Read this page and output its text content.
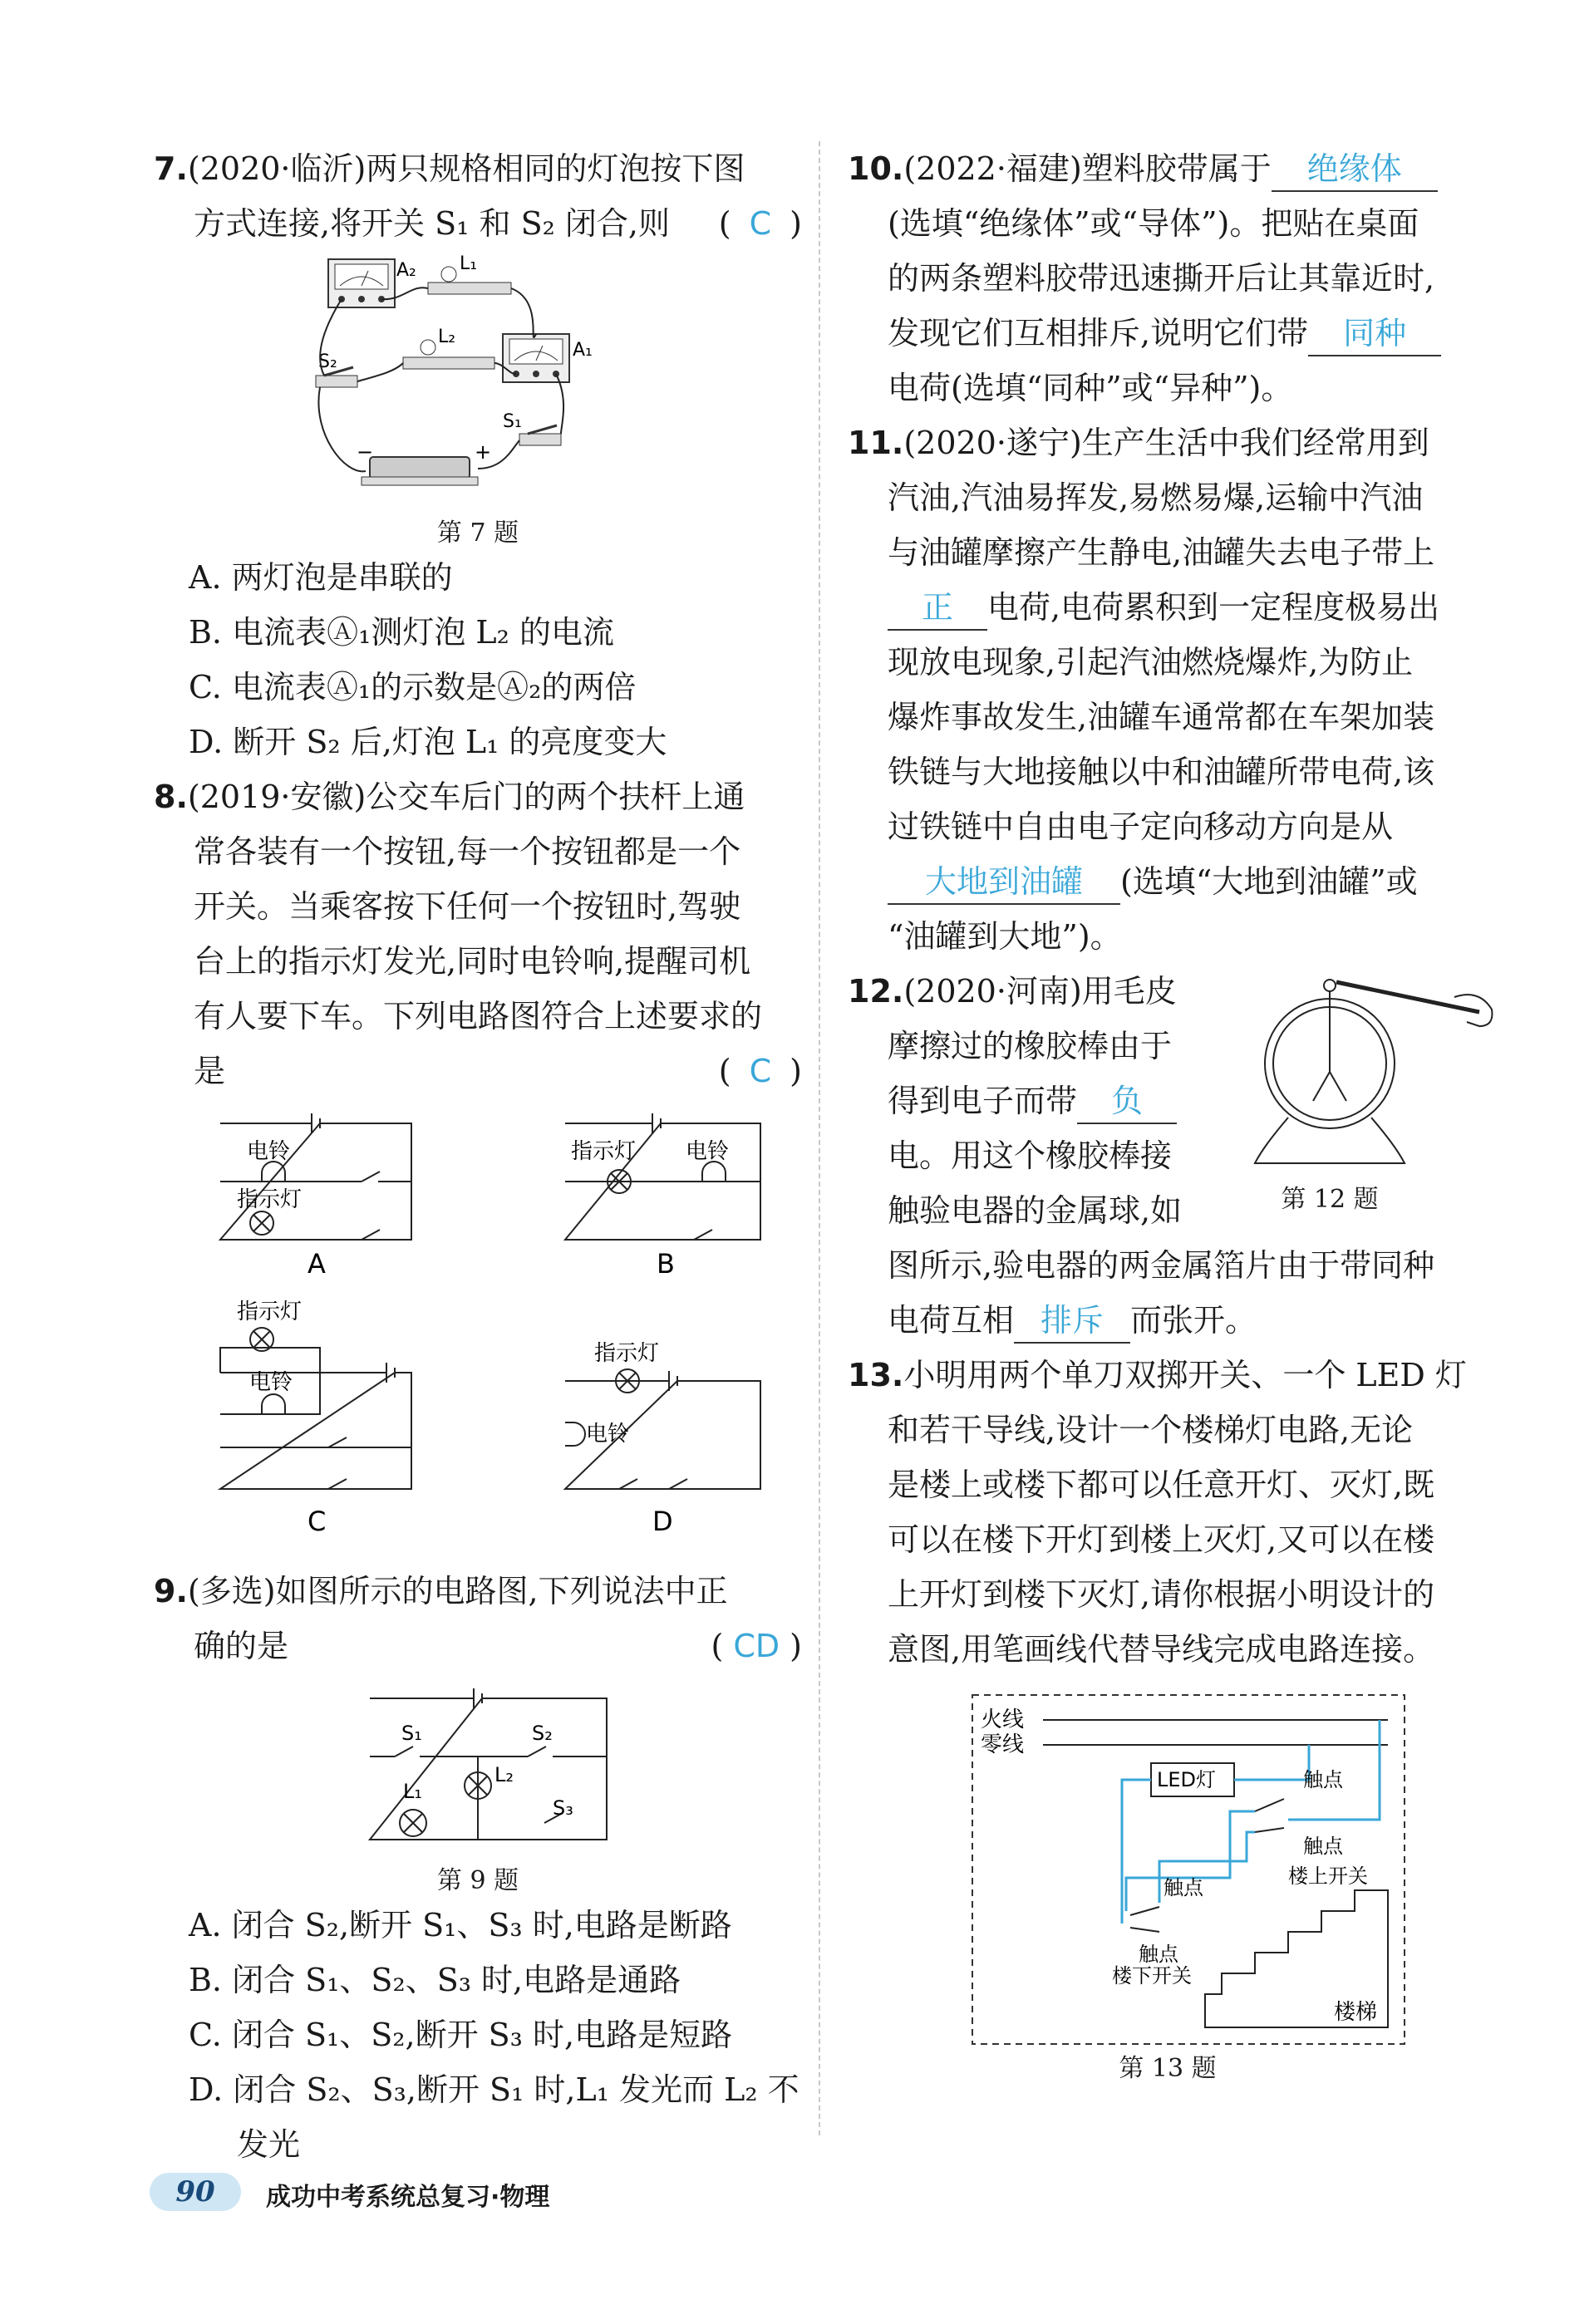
7.(2020·临沂)两只规格相同的灯泡按下图

方式连接,将开关 S₁ 和 S₂ 闭合,则 ( C )

A₂ L₁
L₂
A₁
S₂
S₁
−	+
第 7 题
A. 两灯泡是串联的
B. 电流表Ⓐ₁测灯泡 L₂ 的电流
C. 电流表Ⓐ₁的示数是Ⓐ₂的两倍
D. 断开 S₂ 后,灯泡 L₁ 的亮度变大

8.(2019·安徽)公交车后门的两个扶杆上通

常各装有一个按钮,每一个按钮都是一个

开关。当乘客按下任何一个按钮时,驾驶

台上的指示灯发光,同时电铃响,提醒司机

有人要下车。下列电路图符合上述要求的

是	( C )

电铃
指示灯
A
指示灯 电铃
B
指示灯
电铃
C
指示灯
电铃
D

9.(多选)如图所示的电路图,下列说法中正

确的是	( CD )

S₁	S₂
S₃
L₁
L₂
第 9 题
A. 闭合 S₂,断开 S₁、S₃ 时,电路是断路
B. 闭合 S₁、S₂、S₃ 时,电路是通路
C. 闭合 S₁、S₂,断开 S₃ 时,电路是短路
D. 闭合 S₂、S₃,断开 S₁ 时,L₁ 发光而 L₂ 不
发光

10.(2022·福建)塑料胶带属于 绝缘体

(选填“绝缘体”或“导体”)。把贴在桌面

的两条塑料胶带迅速撕开后让其靠近时,

发现它们互相排斥,说明它们带 同种

电荷(选填“同种”或“异种”)。

11.(2020·遂宁)生产生活中我们经常用到

汽油,汽油易挥发,易燃易爆,运输中汽油

与油罐摩擦产生静电,油罐失去电子带上

正 电荷,电荷累积到一定程度极易出

现放电现象,引起汽油燃烧爆炸,为防止

爆炸事故发生,油罐车通常都在车架加装

铁链与大地接触以中和油罐所带电荷,该

过铁链中自由电子定向移动方向是从

大地到油罐 (选填“大地到油罐”或

“油罐到大地”)。

12.(2020·河南)用毛皮

摩擦过的橡胶棒由于

得到电子而带 负

电。用这个橡胶棒接

触验电器的金属球,如	第 12 题

图所示,验电器的两金属箔片由于带同种

电荷互相 排斥 而张开。

13.小明用两个单刀双掷开关、一个 LED 灯

和若干导线,设计一个楼梯灯电路,无论

是楼上或楼下都可以任意开灯、灭灯,既

可以在楼下开灯到楼上灭灯,又可以在楼

上开灯到楼下灭灯,请你根据小明设计的

意图,用笔画线代替导线完成电路连接。

火线
零线
LED灯	触点
触点
楼上开关
触点
触点
楼下开关
楼梯
第 13 题
90	成功中考系统总复习·物理
